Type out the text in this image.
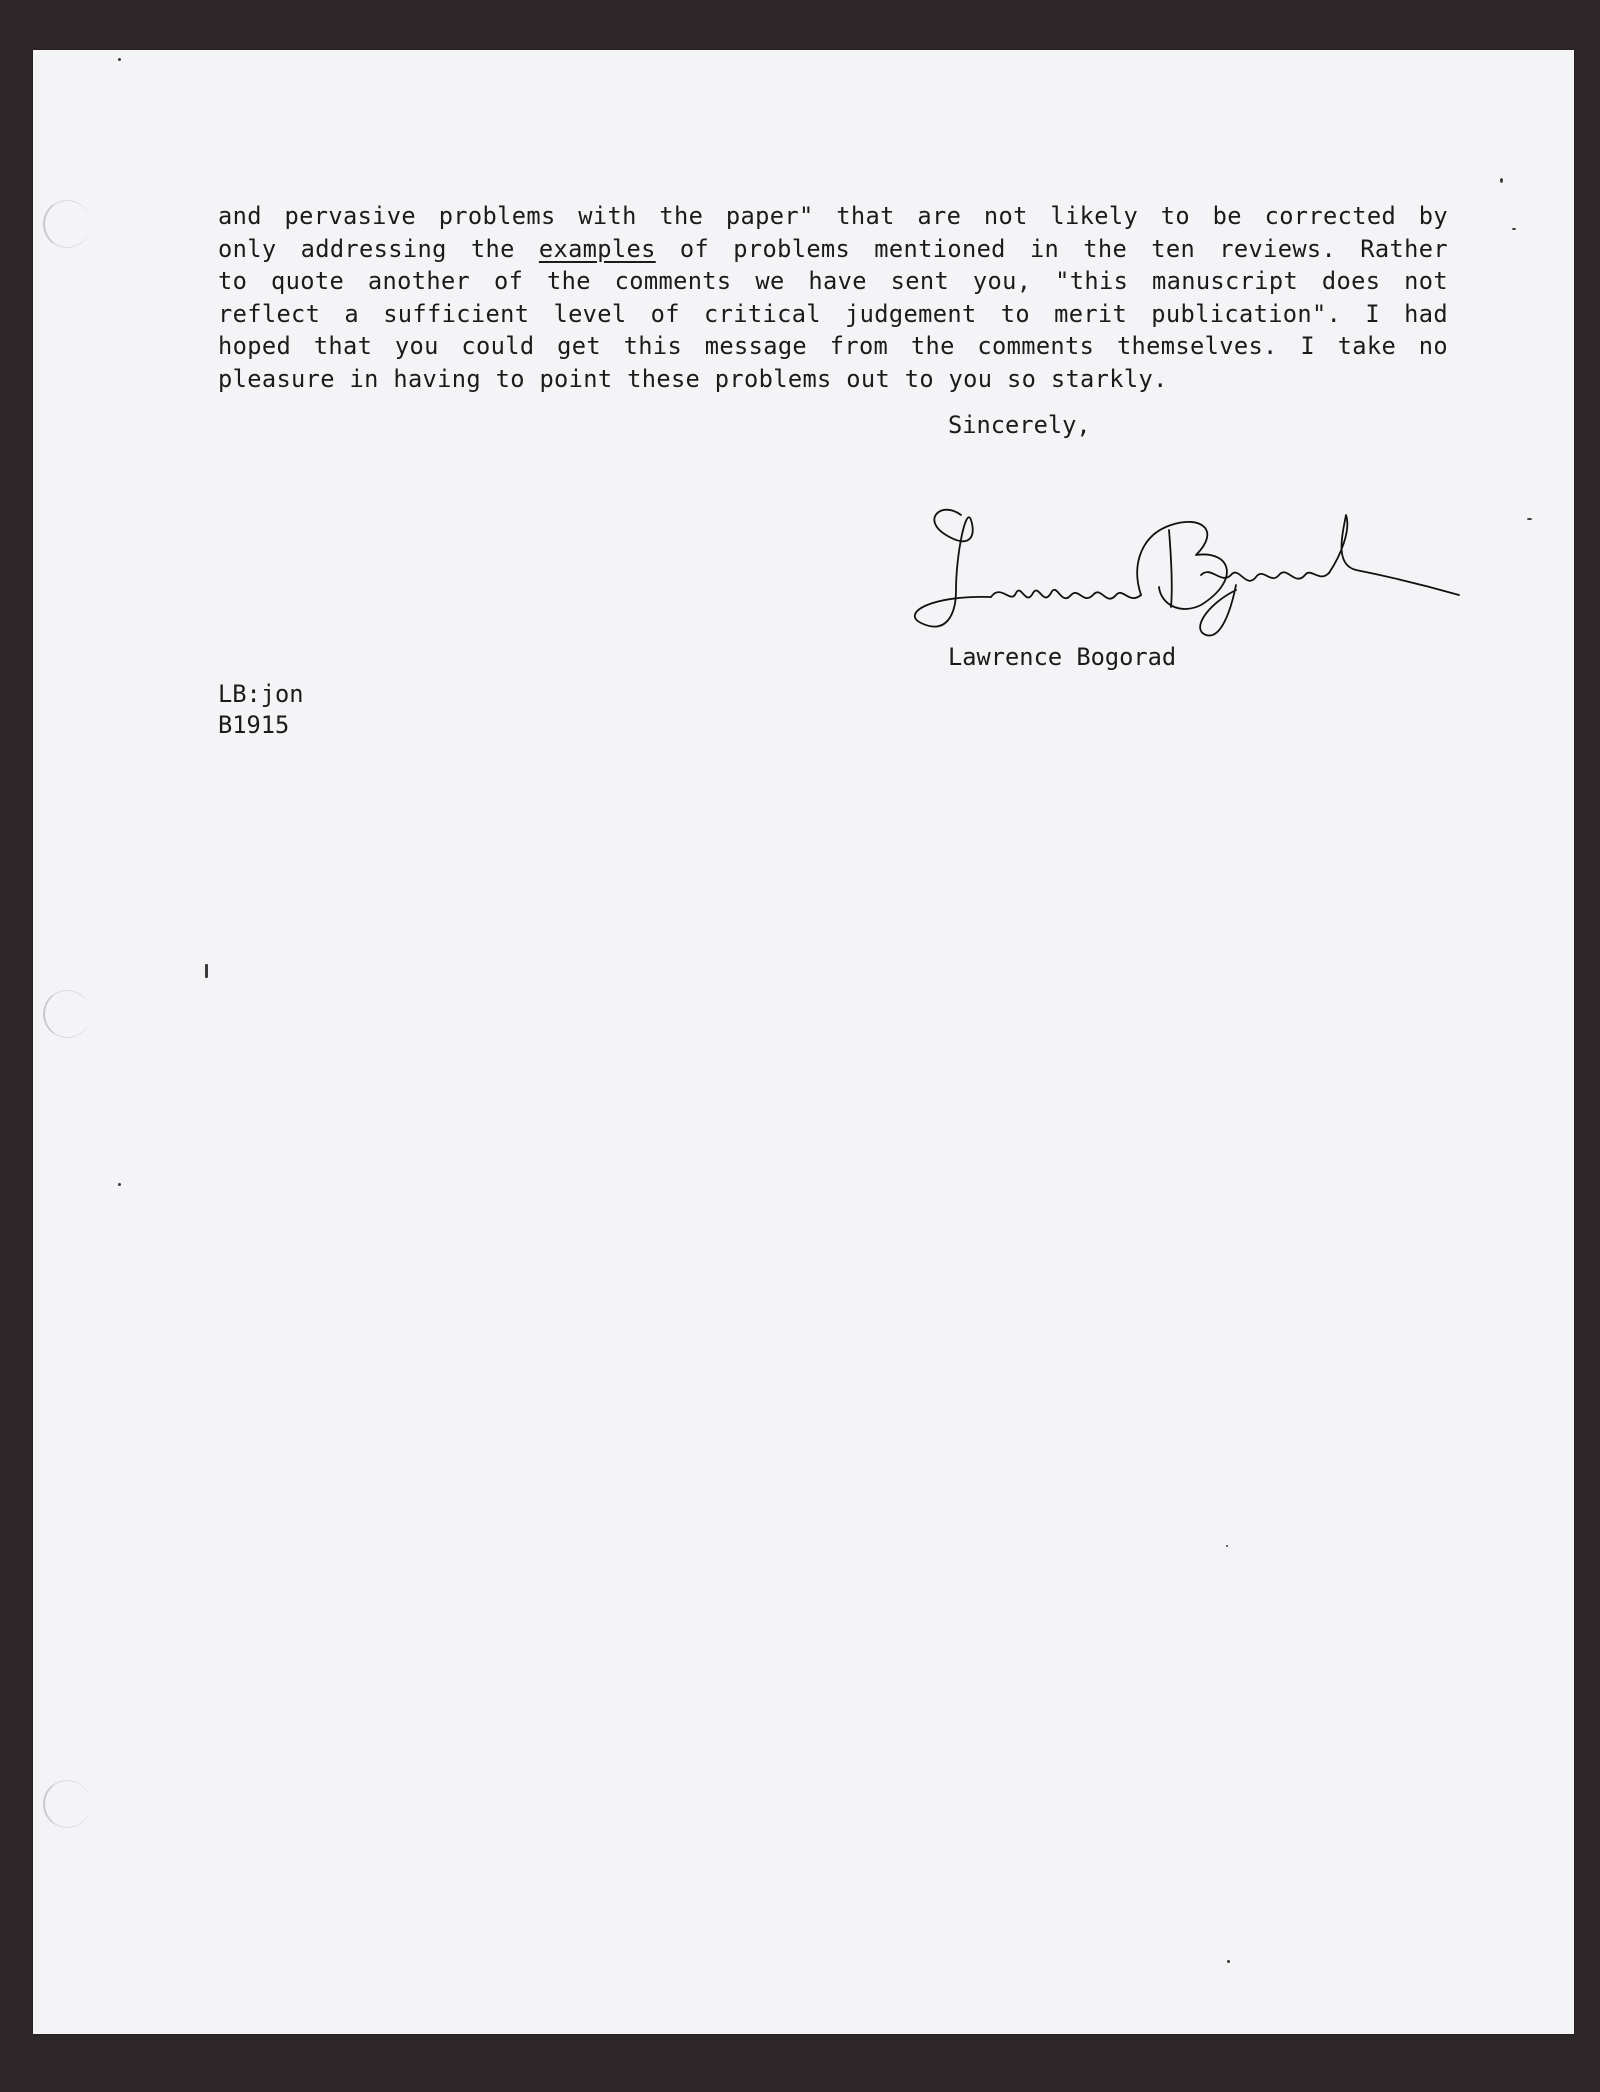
and pervasive problems with the paper" that are not likely to be corrected by
only addressing the examples of problems mentioned in the ten reviews. Rather
to quote another of the comments we have sent you, "this manuscript does not
reflect a sufficient level of critical judgement to merit publication". I had
hoped that you could get this message from the comments themselves. I take no
pleasure in having to point these problems out to you so starkly.

Sincerely,
Lawrence Bogorad
LB:jon
B1915
